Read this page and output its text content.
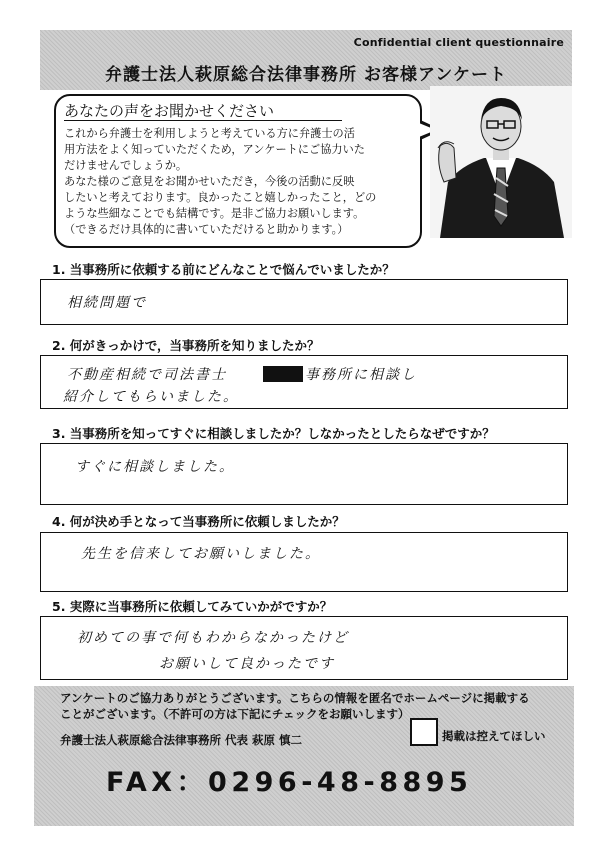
Confidential client questionnaire
弁護士法人萩原総合法律事務所 お客様アンケート
あなたの声をお聞かせください
これから弁護士を利用しようと考えている方に弁護士の活
用方法をよく知っていただくため，アンケートにご協力いた
だけませんでしょうか。
あなた様のご意見をお聞かせいただき，今後の活動に反映
したいと考えております。良かったこと嬉しかったこと，どの
ような些細なことでも結構です。是非ご協力お願いします。
（できるだけ具体的に書いていただけると助かります。）
1. 当事務所に依頼する前にどんなことで悩んでいましたか？
相続問題で
2. 何がきっかけで，当事務所を知りましたか？
不動産相続で司法書士	事務所に相談し
紹介してもらいました。
3. 当事務所を知ってすぐに相談しましたか？しなかったとしたらなぜですか？
すぐに相談しました。
4. 何が決め手となって当事務所に依頼しましたか？
先生を信来してお願いしました。
5. 実際に当事務所に依頼してみていかがですか？
初めての事で何もわからなかったけど
お願いして良かったです
アンケートのご協力ありがとうございます。こちらの情報を匿名でホームページに掲載する
ことがございます。（不許可の方は下記にチェックをお願いします）
弁護士法人萩原総合法律事務所 代表 萩原 慎二	掲載は控えてほしい
FAX：0296-48-8895
